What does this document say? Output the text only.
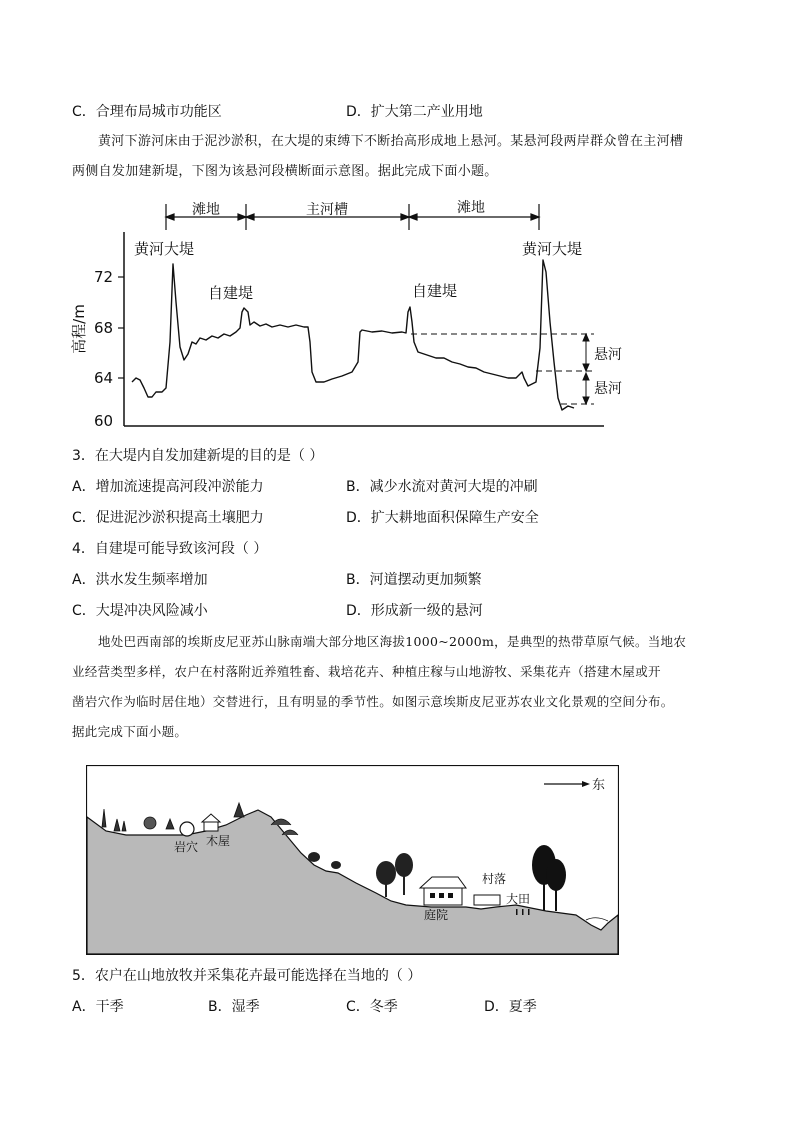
C．合理布局城市功能区	D．扩大第二产业用地
黄河下游河床由于泥沙淤积，在大堤的束缚下不断抬高形成地上悬河。某悬河段两岸群众曾在主河槽
两侧自发加建新堤，下图为该悬河段横断面示意图。据此完成下面小题。
滩地	主河槽	滩地
72
68
64
60
高程/m
悬河
悬河
黄河大堤
自建堤	自建堤
黄河大堤
3．在大堤内自发加建新堤的目的是（ ）
A．增加流速提高河段冲淤能力	B．减少水流对黄河大堤的冲刷
C．促进泥沙淤积提高土壤肥力	D．扩大耕地面积保障生产安全
4．自建堤可能导致该河段（ ）
A．洪水发生频率增加	B．河道摆动更加频繁
C．大堤冲决风险减小	D．形成新一级的悬河
地处巴西南部的埃斯皮尼亚苏山脉南端大部分地区海拔1000~2000m，是典型的热带草原气候。当地农
业经营类型多样，农户在村落附近养殖牲畜、栽培花卉、种植庄稼与山地游牧、采集花卉（搭建木屋或开
凿岩穴作为临时居住地）交替进行，且有明显的季节性。如图示意埃斯皮尼亚苏农业文化景观的空间分布。
据此完成下面小题。
东
岩穴 木屋
村落
庭院
大田
5．农户在山地放牧并采集花卉最可能选择在当地的（ ）
A．干季	B．湿季	C．冬季	D．夏季
